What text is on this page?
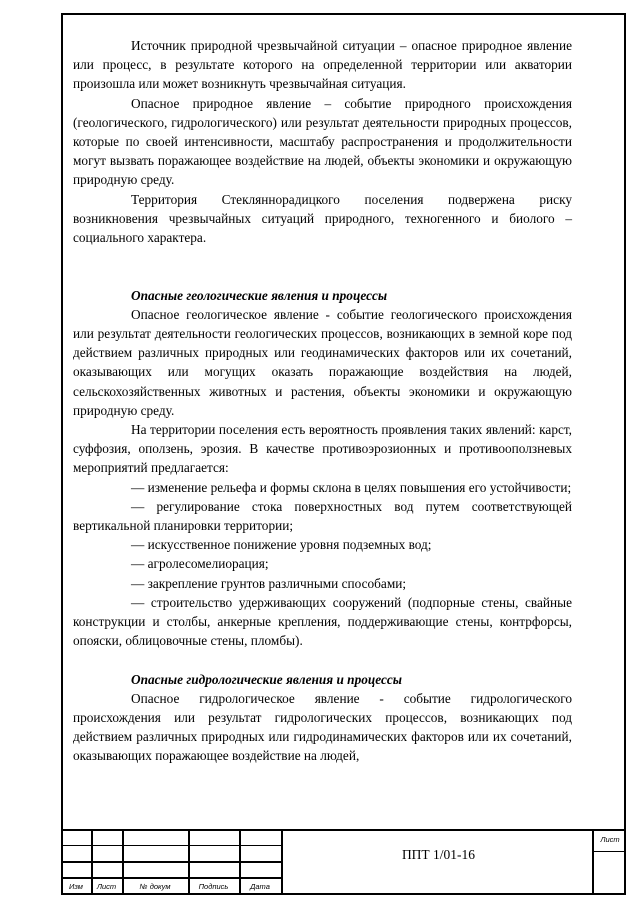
Источник природной чрезвычайной ситуации – опасное природное явление или процесс, в результате которого на определенной территории или акватории произошла или может возникнуть чрезвычайная ситуация.

Опасное природное явление – событие природного происхождения (геологического, гидрологического) или результат деятельности природных процессов, которые по своей интенсивности, масштабу распространения и продолжительности могут вызвать поражающее воздействие на людей, объекты экономики и окружающую природную среду.

Территория Стекляннорадицкого поселения подвержена риску возникновения чрезвычайных ситуаций природного, техногенного и биолого – социального характера.

Опасные геологические явления и процессы

Опасное геологическое явление - событие геологического происхождения или результат деятельности геологических процессов, возникающих в земной коре под действием различных природных или геодинамических факторов или их сочетаний, оказывающих или могущих оказать поражающие воздействия на людей, сельскохозяйственных животных и растения, объекты экономики и окружающую природную среду.

На территории поселения есть вероятность проявления таких явлений: карст, суффозия, оползень, эрозия. В качестве противоэрозионных и противооползневых мероприятий предлагается:

— изменение рельефа и формы склона в целях повышения его устойчивости;

— регулирование стока поверхностных вод путем соответствующей вертикальной планировки территории;

— искусственное понижение уровня подземных вод;

— агролесомелиорация;

— закрепление грунтов различными способами;

— строительство удерживающих сооружений (подпорные стены, свайные конструкции и столбы, анкерные крепления, поддерживающие стены, контрфорсы, опояски, облицовочные стены, пломбы).

Опасные гидрологические явления и процессы

Опасное гидрологическое явление - событие гидрологического происхождения или результат гидрологических процессов, возникающих под действием различных природных или гидродинамических факторов или их сочетаний, оказывающих поражающее воздействие на людей,

Изм	Лист	№ докум	Подпись	Дата
Лист
ППТ 1/01-16
